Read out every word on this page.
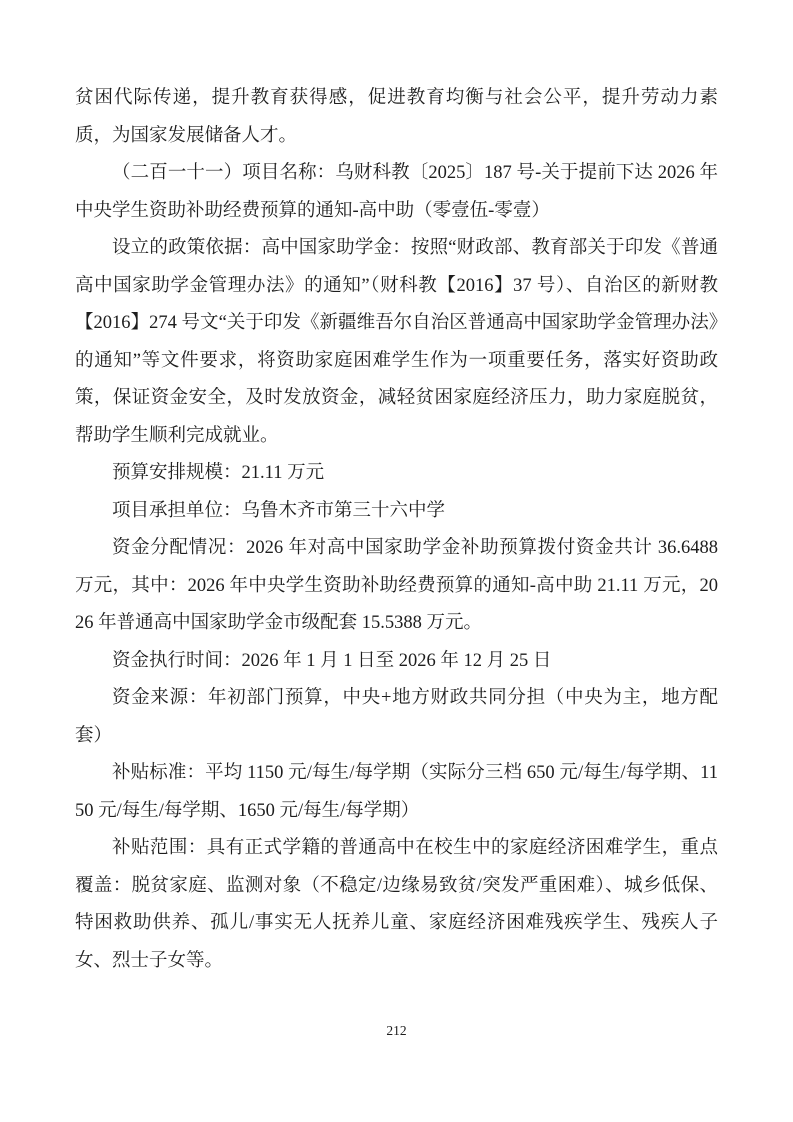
贫困代际传递，提升教育获得感，促进教育均衡与社会公平，提升劳动力素质，为国家发展储备人才。

（二百一十一）项目名称：乌财科教〔2025〕187 号-关于提前下达 2026 年中央学生资助补助经费预算的通知-高中助（零壹伍-零壹）

设立的政策依据：高中国家助学金：按照“财政部、教育部关于印发《普通高中国家助学金管理办法》的通知”（财科教【2016】37 号）、自治区的新财教【2016】274 号文“关于印发《新疆维吾尔自治区普通高中国家助学金管理办法》的通知”等文件要求，将资助家庭困难学生作为一项重要任务，落实好资助政策，保证资金安全，及时发放资金，减轻贫困家庭经济压力，助力家庭脱贫，帮助学生顺利完成就业。

预算安排规模：21.11 万元

项目承担单位：乌鲁木齐市第三十六中学

资金分配情况：2026 年对高中国家助学金补助预算拨付资金共计 36.6488 万元，其中：2026 年中央学生资助补助经费预算的通知-高中助 21.11 万元，2026 年普通高中国家助学金市级配套 15.5388 万元。

资金执行时间：2026 年 1 月 1 日至 2026 年 12 月 25 日

资金来源：年初部门预算，中央+地方财政共同分担（中央为主，地方配套）

补贴标准：平均 1150 元/每生/每学期（实际分三档 650 元/每生/每学期、1150 元/每生/每学期、1650 元/每生/每学期）

补贴范围：具有正式学籍的普通高中在校生中的家庭经济困难学生，重点覆盖：脱贫家庭、监测对象（不稳定/边缘易致贫/突发严重困难）、城乡低保、特困救助供养、孤儿/事实无人抚养儿童、家庭经济困难残疾学生、残疾人子女、烈士子女等。

212
